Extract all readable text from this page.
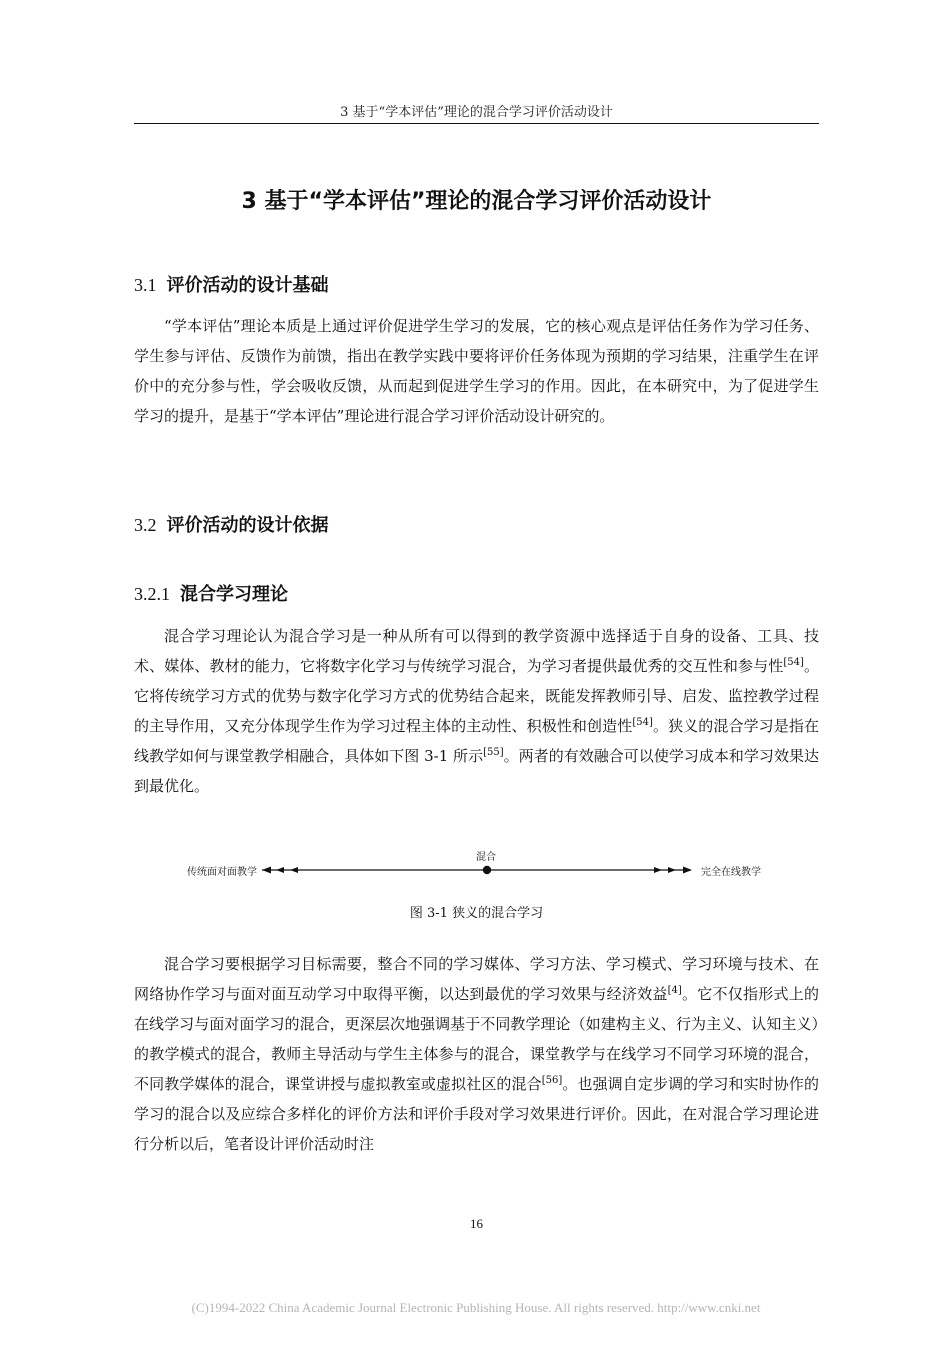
3 基于“学本评估”理论的混合学习评价活动设计
3 基于“学本评估”理论的混合学习评价活动设计
3.1 评价活动的设计基础

“学本评估”理论本质是上通过评价促进学生学习的发展，它的核心观点是评估任务作为学习任务、学生参与评估、反馈作为前馈，指出在教学实践中要将评价任务体现为预期的学习结果，注重学生在评价中的充分参与性，学会吸收反馈，从而起到促进学生学习的作用。因此，在本研究中，为了促进学生学习的提升，是基于“学本评估”理论进行混合学习评价活动设计研究的。

3.2 评价活动的设计依据
3.2.1 混合学习理论

混合学习理论认为混合学习是一种从所有可以得到的教学资源中选择适于自身的设备、工具、技术、媒体、教材的能力，它将数字化学习与传统学习混合，为学习者提供最优秀的交互性和参与性[54]。它将传统学习方式的优势与数字化学习方式的优势结合起来，既能发挥教师引导、启发、监控教学过程的主导作用，又充分体现学生作为学习过程主体的主动性、积极性和创造性[54]。狭义的混合学习是指在线教学如何与课堂教学相融合，具体如下图 3-1 所示[55]。两者的有效融合可以使学习成本和学习效果达到最优化。

传统面对面教学
混合
完全在线教学
图 3-1 狭义的混合学习

混合学习要根据学习目标需要，整合不同的学习媒体、学习方法、学习模式、学习环境与技术、在网络协作学习与面对面互动学习中取得平衡，以达到最优的学习效果与经济效益[4]。它不仅指形式上的在线学习与面对面学习的混合，更深层次地强调基于不同教学理论（如建构主义、行为主义、认知主义）的教学模式的混合，教师主导活动与学生主体参与的混合，课堂教学与在线学习不同学习环境的混合，不同教学媒体的混合，课堂讲授与虚拟教室或虚拟社区的混合[56]。也强调自定步调的学习和实时协作的学习的混合以及应综合多样化的评价方法和评价手段对学习效果进行评价。因此，在对混合学习理论进行分析以后，笔者设计评价活动时注

16
(C)1994-2022 China Academic Journal Electronic Publishing House. All rights reserved. http://www.cnki.net
